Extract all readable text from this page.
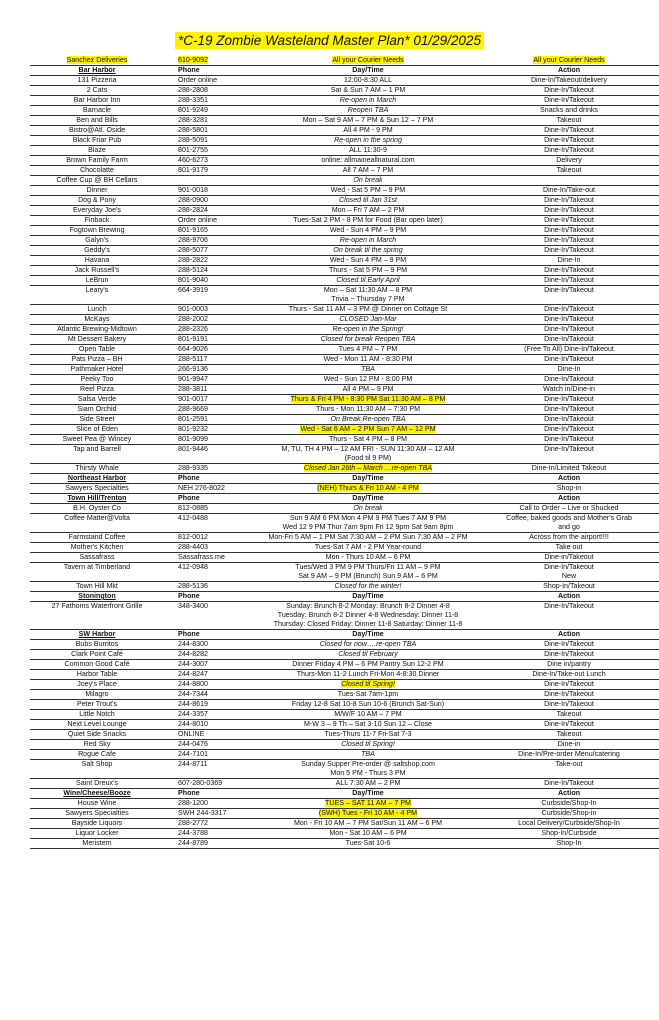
*C-19 Zombie Wasteland Master Plan* 01/29/2025
Sanchez Deliveries	610-9092	All your Courier Needs	All your Courier Needs
Bar Harbor	Phone	Day/Time	Action
131 Pizzeria	Order online	12:00-8:30 ALL	Dine-In/Takeout/delivery
2 Cats	288-2808	Sat & Sun 7 AM – 1 PM	Dine-In/Takeout
Bar Harbor Inn	288-3351	Re-open in March	Dine-In/Takeout
Barnacle	801-9249	Reopen TBA	Snacks and drinks
Ben and Bills	288-3281	Mon – Sat 9 AM – 7 PM & Sun 12 – 7 PM	Takeout
Bistro@Atl. Oside	288-5801	All 4 PM - 9 PM	Dine-In/Takeout
Black Friar Pub	288-5091	Re-open in the spring	Dine-In/Takeout
Blaze	801-2755	ALL 11:30-9	Dine-In/Takeout
Brown Family Farm	460-6273	online: allmaineallnatural.com	Delivery
Chocolatte	801-9179	All 7 AM – 7 PM	Takeout
Coffee Cup @ BH Cellars		On break	
Dinner	901-0018	Wed - Sat 5 PM – 9 PM	Dine-In/Take-out
Dog & Pony	288-0900	Closed til Jan 31st	Dine-In/Takeout
Everyday Joe's	288-2824	Mon – Fri 7 AM – 2 PM	Dine-In/Takeout
Finback	Order online	Tues-Sat 2 PM - 8 PM for Food (Bar open later)	Dine-In/Takeout
Fogtown Brewing	801-9165	Wed - Sun 4 PM – 9 PM	Dine-In/Takeout
Galyn's	288-9706	Re-open in March	Dine-In/Takeout
Geddy's	288-5077	On break til the spring	Dine-In/Takeout
Havana	288-2822	Wed - Sun 4 PM – 9 PM	Dine-In
Jack Russell's	288-5124	Thurs - Sat 5 PM – 9 PM	Dine-In/Takeout
LeBrun	801-9040	Closed til Early April	Dine-In/Takeout
Leary's	664-3919	Mon – Sat 11:30 AM – 8 PM
Trivia ~ Thursday 7 PM	Dine-In/Takeout
Lunch	901-0003	Thurs - Sat 11 AM – 3 PM @ Dinner on Cottage St	Dine-In/Takeout
McKays	288-2002	CLOSED Jan-Mar	Dine-In/Takeout
Atlantic Brewing-Midtown	288-2326	Re-open in the Spring!	Dine-In/Takeout
Mt Dessert Bakery	801-9191	Closed for break Reopen TBA	Dine-In/Takeout
Open Table	664-9026	Tues 4 PM – 7 PM	(Free To All) Dine-In/Takeout
Pats Pizza – BH	288-5117	Wed - Mon 11 AM - 8:30 PM	Dine-In/Takeout
Pathmaker Hotel	266-9136	TBA	Dine-In
Peeky Too	901-9947	Wed - Sun 12 PM - 8:00 PM	Dine-In/Takeout
Reel Pizza	288-3811	All 4 PM – 9 PM	Watch in/Dine-in
Salsa Verde	901-0017	Thurs & Fri 4 PM - 8:30 PM Sat 11:30 AM – 8 PM	Dine-In/Takeout
Siam Orchid	288-9669	Thurs - Mon 11:30 AM – 7:30 PM	Dine-In/Takeout
Side Street	801-2591	On Break Re-open TBA	Dine-In/Takeout
Slice of Eden	801-9232	Wed - Sat 6 AM – 2 PM Sun 7 AM – 12 PM	Dine-In/Takeout
Sweet Pea @ Wincey	801-9099	Thurs - Sat 4 PM – 8 PM	Dine-In/Takeout
Tap and Barrell	801-9446	M, TU, TH 4 PM – 12 AM FRI - SUN 11:30 AM – 12 AM
(Food til 9 PM)	Dine-In/Takeout
Thirsty Whale	288-9335	Closed Jan 26th – March …re-open TBA	Dine-In/Limited Takeout
Northeast Harbor	Phone	Day/Time	Action
Sawyers Specialties	NEH 276-8022	(NEH) Thurs & Fri 10 AM - 4 PM	Shop-in
Town Hill/Trenton	Phone	Day/Time	Action
B.H. Oyster Co	812-0885	On break	Call to Order – Live or Shucked
Coffee Matter@Volta	412-0488	Sun 9 AM 6 PM Mon 4 PM 9 PM Tues 7 AM 9 PM
Wed 12 9 PM Thur 7am 9pm Fri 12 9pm Sat 9am 8pm	Coffee, baked goods and Mother's Grab
and go
Farmstand Coffee	812-0012	Mon-Fri 5 AM – 1 PM Sat 7:30 AM – 2 PM Sun 7:30 AM – 2 PM	Across from the airport!!!!
Mother's Kitchen	288-4403	Tues-Sat 7 AM - 2 PM Year-round	Take out
Sassafrass	Sassafrass.me	Mon - Thurs 10 AM – 6 PM	Dine-in/Takeout
Tavern at Timberland	412-0948	Tues/Wed 3 PM 9 PM Thurs/Fri 11 AM – 9 PM
Sat 9 AM – 9 PM (Brunch) Sun 9 AM – 6 PM	Dine-In/Takeout
New
Town Hill Mkt	288-5136	Closed for the winter!	Shop-In/Takeout
Stonington	Phone	Day/Time	Action
27 Fathoms Waterfront Grille	348-3400	Sunday: Brunch 8-2 Monday: Brunch 8-2 Dinner 4-8
Tuesday: Brunch 8-2 Dinner 4-8 Wednesday: Dinner 11-8
Thursday: Closed Friday: Dinner 11-8 Saturday: Dinner 11-8	Dine-In/Takeout
SW Harbor	Phone	Day/Time	Action
Bubs Burritos	244-8300	Closed for now….re-open TBA	Dine-In/Takeout
Clark Point Café	244-8282	Closed til February	Dine-In/Takeout
Common Good Café	244-3007	Dinner Friday 4 PM – 6 PM Pantry Sun 12-2 PM	Dine in/pantry
Harbor Table	244-8247	Thurs-Mon 11-2 Lunch Fri-Mon 4-8:30 Dinner	Dine-In/Take-out Lunch
Joey's Place	244-8800	Closed til Spring!	Dine-In/Takeout
Milagro	244-7344	Tues-Sat 7am-1pm	Dine-In/Takeout
Peter Trout's	244-8619	Friday 12-8 Sat 10-8 Sun 10-6 (Brunch Sat-Sun)	Dine-In/Takeout
Little Notch	244-3357	M/W/F 10 AM – 7 PM	Takeout
Next Level Lounge	244-8010	M-W 3 – 9 Th – Sat 3-10 Sun 12 – Close	Dine-In/Takeout
Quiet Side Snacks	ONLINE	Tues-Thurs 11-7 Fri-Sat 7-3	Takeout
Red Sky	244-0476	Closed til Spring!	Dine-in
Rogue Cafe	244-7101	TBA	Dine-In/Pre-order Menu/catering
Salt Shop	244-8711	Sunday Supper Pre-order @ saltshop.com
Mon 5 PM - Thurs 3 PM	Take-out
Saint Dreux's	607-280-0369	ALL 7:30 AM – 2 PM	Dine-In/Takeout
Wine/Cheese/Booze	Phone	Day/Time	Action
House Wine	288-1200	TUES – SAT 11 AM – 7 PM	Curbside/Shop-In
Sawyers Specialties	SWH 244-3317	(SWH) Tues - Fri 10 AM - 4 PM	Curbside/Shop-in
Bayside Liquors	288-2772	Mon - Fri 10 AM – 7 PM Sat/Sun 11 AM – 6 PM	Local Delivery/Curbside/Shop-In
Liquor Locker	244-3788	Mon - Sat 10 AM – 6 PM	Shop-In/Curbside
Meristem	244-8789	Tues-Sat 10-6	Shop-In
